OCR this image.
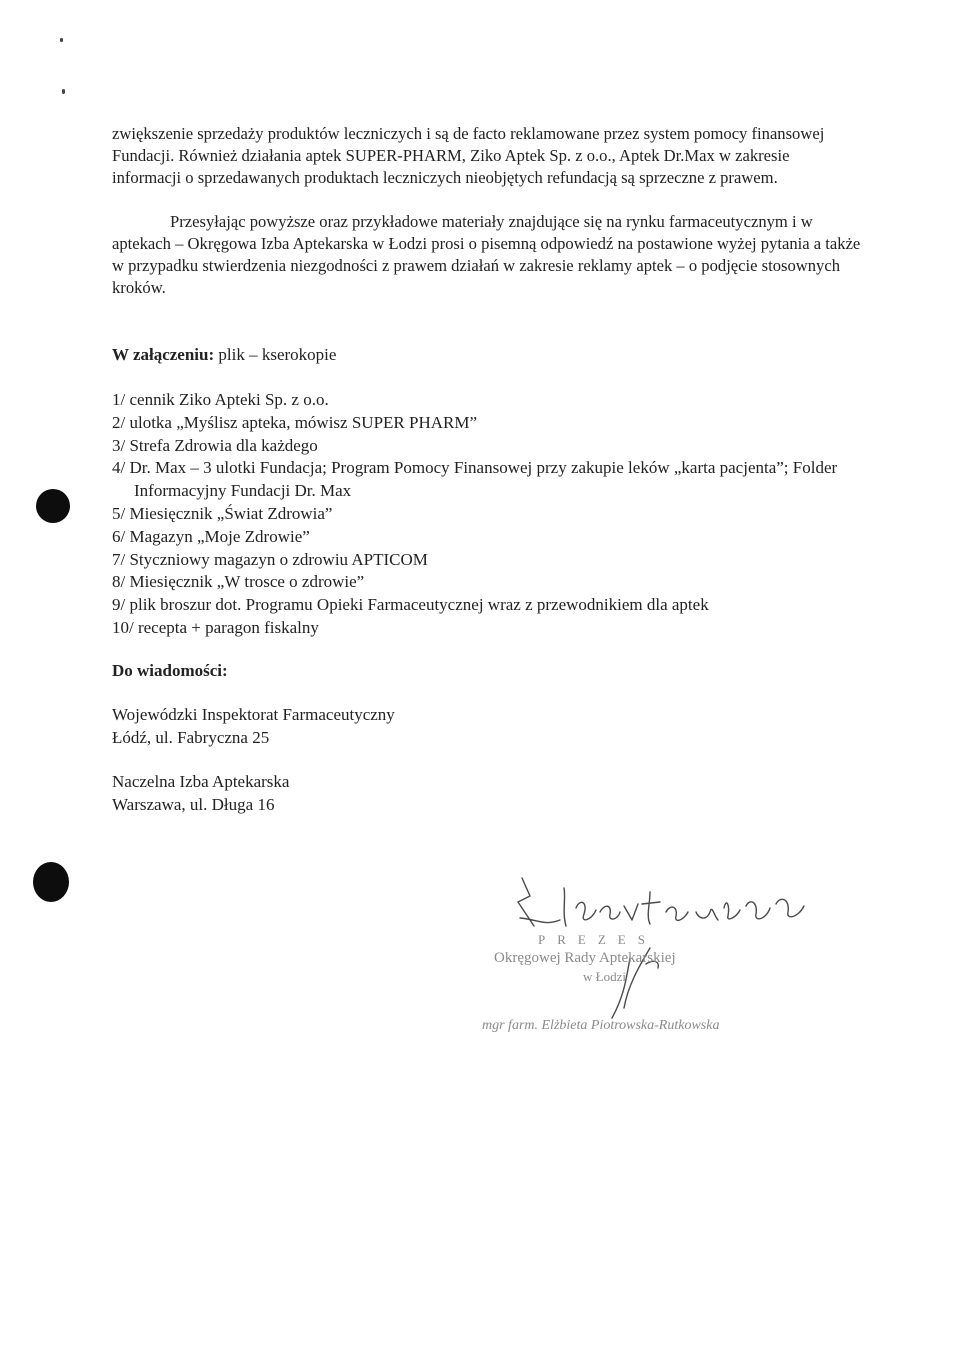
zwiększenie sprzedaży produktów leczniczych i są de facto reklamowane przez system pomocy finansowej Fundacji. Również działania aptek SUPER-PHARM, Ziko Aptek Sp. z o.o., Aptek Dr.Max w zakresie informacji o sprzedawanych produktach leczniczych nieobjętych refundacją są sprzeczne z prawem.

Przesyłając powyższe oraz przykładowe materiały znajdujące się na rynku farmaceutycznym i w aptekach – Okręgowa Izba Aptekarska w Łodzi prosi o pisemną odpowiedź na postawione wyżej pytania a także w przypadku stwierdzenia niezgodności z prawem działań w zakresie reklamy aptek – o podjęcie stosownych kroków.

W załączeniu: plik – kserokopie

1/ cennik Ziko Apteki Sp. z o.o.
2/ ulotka „Myślisz apteka, mówisz SUPER PHARM”
3/ Strefa Zdrowia dla każdego
4/ Dr. Max – 3 ulotki Fundacja; Program Pomocy Finansowej przy zakupie leków „karta pacjenta”; Folder Informacyjny Fundacji Dr. Max
5/ Miesięcznik „Świat Zdrowia”
6/ Magazyn „Moje Zdrowie”
7/ Styczniowy magazyn o zdrowiu APTICOM
8/ Miesięcznik „W trosce o zdrowie”
9/ plik broszur dot. Programu Opieki Farmaceutycznej wraz z przewodnikiem dla aptek
10/ recepta + paragon fiskalny

Do wiadomości:

Wojewódzki Inspektorat Farmaceutyczny
Łódź, ul. Fabryczna 25
Naczelna Izba Aptekarska
Warszawa, ul. Długa 16
PREZES
Okręgowej Rady Aptekarskiej
w Łodzi
mgr farm. Elżbieta Piotrowska-Rutkowska
